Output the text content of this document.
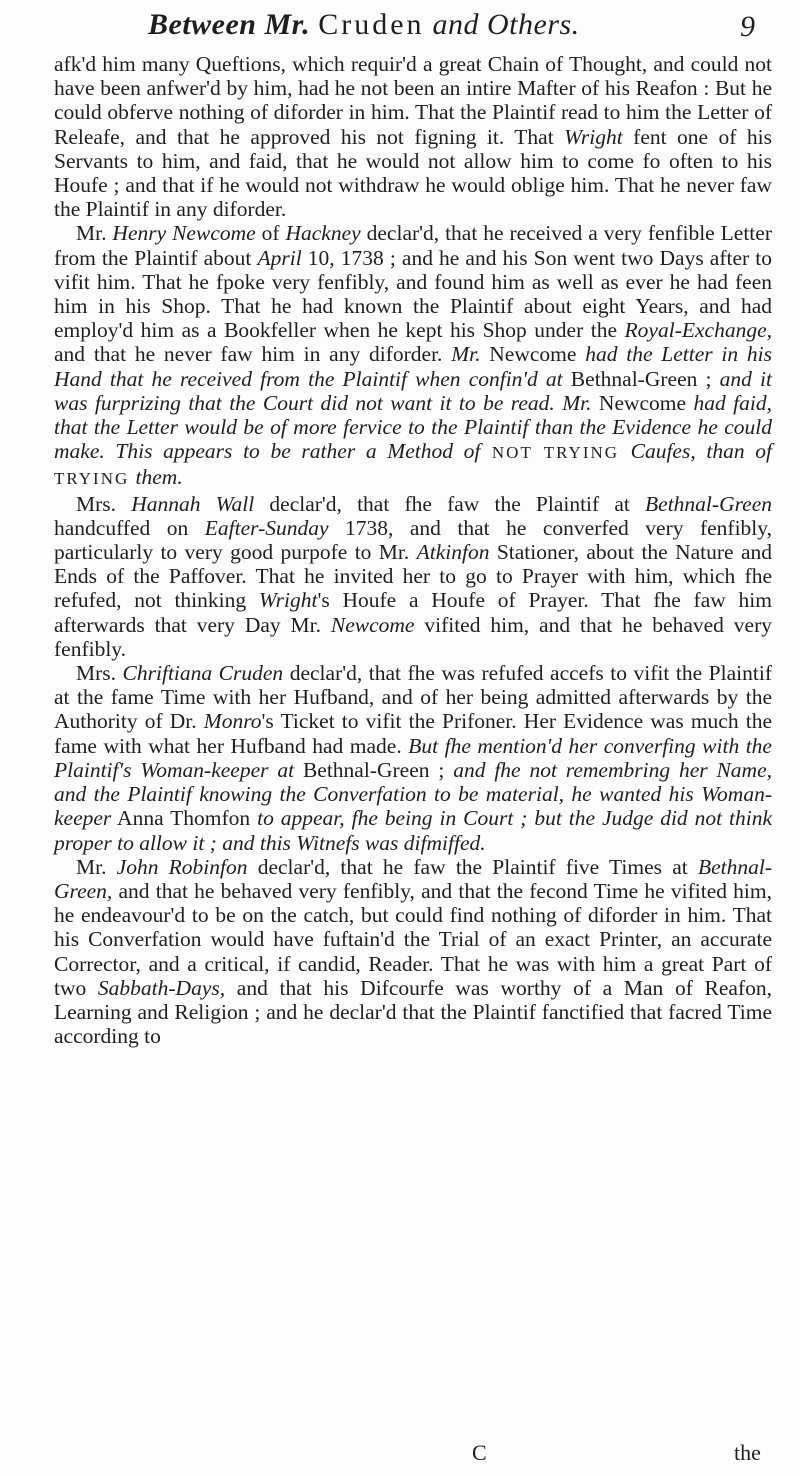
Between Mr. Cruden and Others.	9

afk'd him many Queftions, which requir'd a great Chain of Thought, and could not have been anfwer'd by him, had he not been an intire Mafter of his Reafon : But he could obferve nothing of diforder in him. That the Plaintif read to him the Letter of Releafe, and that he approved his not figning it. That Wright fent one of his Servants to him, and faid, that he would not allow him to come fo often to his Houfe ; and that if he would not withdraw he would oblige him. That he never faw the Plaintif in any diforder.

Mr. Henry Newcome of Hackney declar'd, that he received a very fenfible Letter from the Plaintif about April 10, 1738 ; and he and his Son went two Days after to vifit him. That he fpoke very fenfibly, and found him as well as ever he had feen him in his Shop. That he had known the Plaintif about eight Years, and had employ'd him as a Bookfeller when he kept his Shop under the Royal-Exchange, and that he never faw him in any diforder. Mr. Newcome had the Letter in his Hand that he received from the Plaintif when confin'd at Bethnal-Green ; and it was furprizing that the Court did not want it to be read. Mr. Newcome had faid, that the Letter would be of more fervice to the Plaintif than the Evidence he could make. This appears to be rather a Method of NOT TRYING Caufes, than of TRYING them.

Mrs. Hannah Wall declar'd, that fhe faw the Plaintif at Bethnal-Green handcuffed on Eafter-Sunday 1738, and that he converfed very fenfibly, particularly to very good purpofe to Mr. Atkinfon Stationer, about the Nature and Ends of the Paffover. That he invited her to go to Prayer with him, which fhe refufed, not thinking Wright's Houfe a Houfe of Prayer. That fhe faw him afterwards that very Day Mr. Newcome vifited him, and that he behaved very fenfibly.

Mrs. Chriftiana Cruden declar'd, that fhe was refufed accefs to vifit the Plaintif at the fame Time with her Hufband, and of her being admitted afterwards by the Authority of Dr. Monro's Ticket to vifit the Prifoner. Her Evidence was much the fame with what her Hufband had made. But fhe mention'd her converfing with the Plaintif's Woman-keeper at Bethnal-Green ; and fhe not remembring her Name, and the Plaintif knowing the Converfation to be material, he wanted his Woman-keeper Anna Thomfon to appear, fhe being in Court ; but the Judge did not think proper to allow it ; and this Witnefs was difmiffed.

Mr. John Robinfon declar'd, that he faw the Plaintif five Times at Bethnal-Green, and that he behaved very fenfibly, and that the fecond Time he vifited him, he endeavour'd to be on the catch, but could find nothing of diforder in him. That his Converfation would have fuftain'd the Trial of an exact Printer, an accurate Corrector, and a critical, if candid, Reader. That he was with him a great Part of two Sabbath-Days, and that his Difcourfe was worthy of a Man of Reafon, Learning and Religion ; and he declar'd that the Plaintif fanctified that facred Time according to

C	the
